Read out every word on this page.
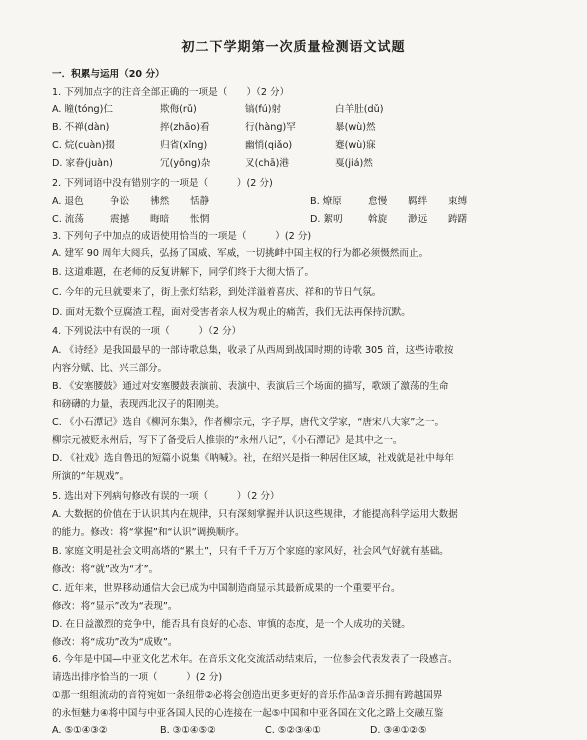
初二下学期第一次质量检测语文试题
一．积累与运用（20 分）
1. 下列加点字的注音全部正确的一项是（　　）（2 分）
A. 瞳(tóng)仁	欺侮(rǔ)	镐(fú)射	白羊肚(dǔ)
B. 不禅(dàn)	捽(zhāo)看	行(hàng)罕	暴(wù)然
C. 烷(cuàn)掇	归省(xǐng)	幽悄(qiǎo)	蹇(wù)寐
D. 家眷(juàn)	冗(yōng)杂	叉(chā)港	戛(jiá)然
2. 下列词语中没有错别字的一项是（　　　）(2 分)
A. 退色	争讼 彿然 恬静	B. 燎原	怠慢 羁绊 束缚
C. 流荡	震撼 晦暗 怅惘	D. 絮叨	斡旋 渺远 踌躇
3. 下列句子中加点的成语使用恰当的一项是（　　　）(2 分)
A. 建军 90 周年大阅兵，弘扬了国威、军威，一切挑衅中国主权的行为都必须慑然而止。
B. 这道难题，在老师的反复讲解下，同学们终于大彻大悟了。
C. 今年的元旦就要来了，街上张灯结彩，到处洋溢着喜庆、祥和的节日气氛。
D. 面对无数个豆腐渣工程，面对受害者亲人权为观止的痛苦，我们无法再保持沉默。
4. 下列说法中有误的一项（　　　）（2 分）
A. 《诗经》是我国最早的一部诗歌总集，收录了从西周到战国时期的诗歌 305 首，这些诗歌按
内容分赋、比、兴三部分。
B. 《安塞腰鼓》通过对安塞腰鼓表演前、表演中、表演后三个场面的描写，歌颂了激荡的生命
和磅礴的力量，表现西北汉子的阳刚美。
C. 《小石潭记》选自《柳河东集》，作者柳宗元，字子厚，唐代文学家，“唐宋八大家”之一。
柳宗元被贬永州后，写下了备受后人推崇的“永州八记”，《小石潭记》是其中之一。
D. 《社戏》选自鲁迅的短篇小说集《呐喊》。社，在绍兴是指一种居住区域，社戏就是社中每年
所演的“年规戏”。
5. 选出对下列病句修改有误的一项（　　　）（2 分）
A. 大数据的价值在于认识其内在规律，只有深刻掌握并认识这些规律，才能提高科学运用大数据
的能力。修改：将“掌握”和“认识”调换顺序。
B. 家庭文明是社会文明高塔的“累土”，只有千千万万个家庭的家风好，社会风气好就有基础。
修改：将“就”改为“才”。
C. 近年来，世界移动通信大会已成为中国制造商显示其最新成果的一个重要平台。
修改：将“显示”改为“表现”。
D. 在日益激烈的竞争中，能否具有良好的心态、审慎的态度，是一个人成功的关键。
修改：将“成功”改为“成败”。
6. 今年是中国—中亚文化艺术年。在音乐文化交流活动结束后，一位参会代表发表了一段感言。
请选出排序恰当的一项（　　　）(2 分)
①那一组组流动的音符宛如一条纽带②必将会创造出更多更好的音乐作品③音乐拥有跨越国界
的永恒魅力④将中国与中亚各国人民的心连接在一起⑤中国和中亚各国在文化之路上交融互鉴
A. ⑤①④③②	B. ③①④⑤②	C. ⑤②③④①	D. ③④①②⑤
